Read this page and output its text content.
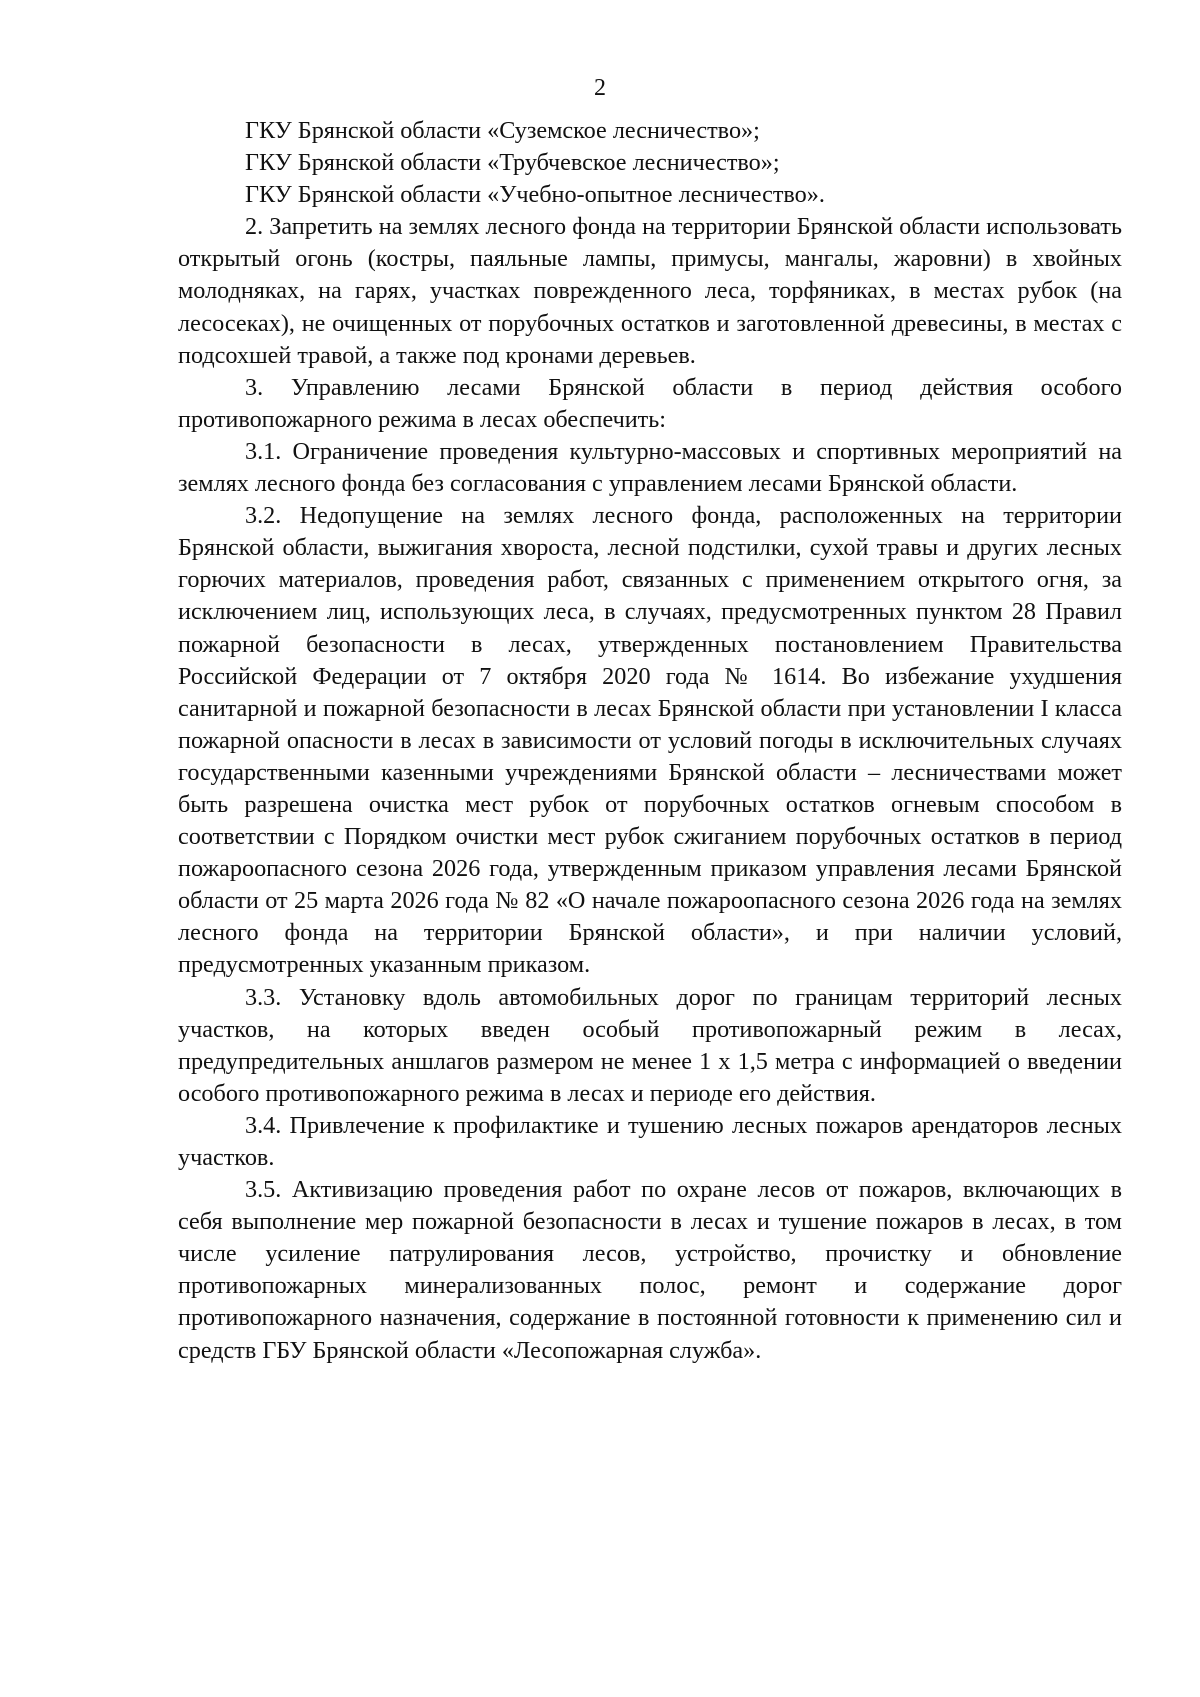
2

ГКУ Брянской области «Суземское лесничество»;

ГКУ Брянской области «Трубчевское лесничество»;

ГКУ Брянской области «Учебно-опытное лесничество».

2. Запретить на землях лесного фонда на территории Брянской области использовать открытый огонь (костры, паяльные лампы, примусы, мангалы, жаровни) в хвойных молодняках, на гарях, участках поврежденного леса, торфяниках, в местах рубок (на лесосеках), не очищенных от порубочных остатков и заготовленной древесины, в местах с подсохшей травой, а также под кронами деревьев.

3. Управлению лесами Брянской области в период действия особого противопожарного режима в лесах обеспечить:

3.1. Ограничение проведения культурно-массовых и спортивных мероприятий на землях лесного фонда без согласования с управлением лесами Брянской области.

3.2. Недопущение на землях лесного фонда, расположенных на территории Брянской области, выжигания хвороста, лесной подстилки, сухой травы и других лесных горючих материалов, проведения работ, связанных с применением открытого огня, за исключением лиц, использующих леса, в случаях, предусмотренных пунктом 28 Правил пожарной безопасности в лесах, утвержденных постановлением Правительства Российской Федерации от 7 октября 2020 года № 1614. Во избежание ухудшения санитарной и пожарной безопасности в лесах Брянской области при установлении I класса пожарной опасности в лесах в зависимости от условий погоды в исключительных случаях государственными казенными учреждениями Брянской области – лесничествами может быть разрешена очистка мест рубок от порубочных остатков огневым способом в соответствии с Порядком очистки мест рубок сжиганием порубочных остатков в период пожароопасного сезона 2026 года, утвержденным приказом управления лесами Брянской области от 25 марта 2026 года № 82 «О начале пожароопасного сезона 2026 года на землях лесного фонда на территории Брянской области», и при наличии условий, предусмотренных указанным приказом.

3.3. Установку вдоль автомобильных дорог по границам территорий лесных участков, на которых введен особый противопожарный режим в лесах, предупредительных аншлагов размером не менее 1 х 1,5 метра с информацией о введении особого противопожарного режима в лесах и периоде его действия.

3.4. Привлечение к профилактике и тушению лесных пожаров арендаторов лесных участков.

3.5. Активизацию проведения работ по охране лесов от пожаров, включающих в себя выполнение мер пожарной безопасности в лесах и тушение пожаров в лесах, в том числе усиление патрулирования лесов, устройство, прочистку и обновление противопожарных минерализованных полос, ремонт и содержание дорог противопожарного назначения, содержание в постоянной готовности к применению сил и средств ГБУ Брянской области «Лесопожарная служба».
